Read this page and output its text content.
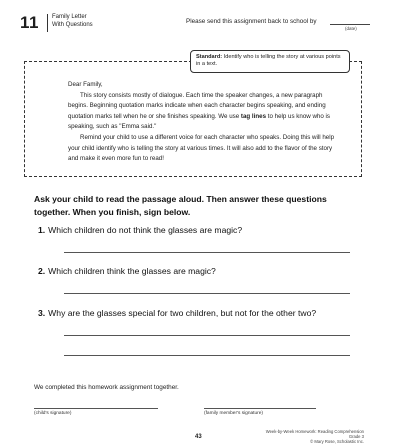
11 Family Letter
With Questions	Please send this assignment back to school by
(date)
Standard: Identify who is telling the story at various points in a text.

Dear Family,

This story consists mostly of dialogue. Each time the speaker changes, a new paragraph begins. Beginning quotation marks indicate when each character begins speaking, and ending quotation marks tell when he or she finishes speaking. We use tag lines to help us know who is speaking, such as "Emma said."

Remind your child to use a different voice for each character who speaks. Doing this will help your child identify who is telling the story at various times. It will also add to the flavor of the story and make it even more fun to read!

Ask your child to read the passage aloud. Then answer these questions together. When you finish, sign below.
1. Which children do not think the glasses are magic?
2. Which children think the glasses are magic?
3. Why are the glasses special for two children, but not for the other two?
We completed this homework assignment together.
(child's signature)	(family member's signature)
43
Week-by-Week Homework: Reading Comprehension Grade 3
© Mary Rose, Scholastic Inc.
